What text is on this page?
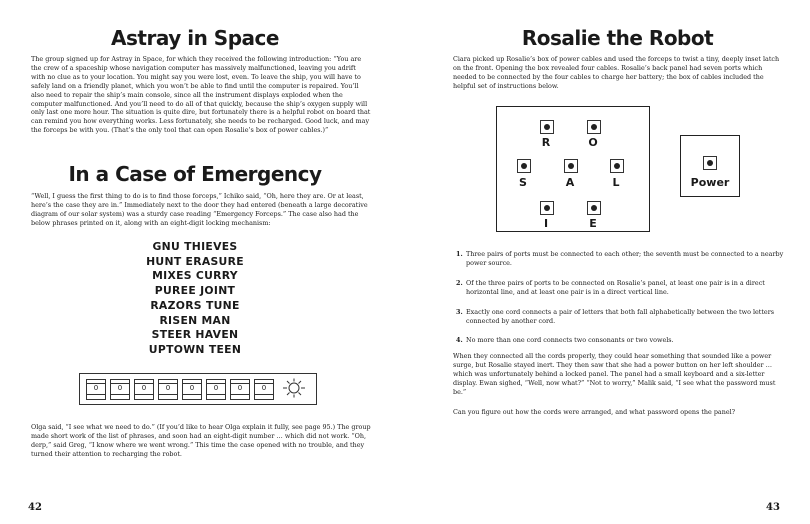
Astray in Space

The group signed up for Astray in Space, for which they received the following introduction: “You are the crew of a spaceship whose navigation computer has massively malfunctioned, leaving you adrift with no clue as to your location. You might say you were lost, even. To leave the ship, you will have to safely land on a friendly planet, which you won’t be able to find until the computer is repaired. You’ll also need to repair the ship’s main console, since all the instrument displays exploded when the computer malfunctioned. And you’ll need to do all of that quickly, because the ship’s oxygen supply will only last one more hour. The situation is quite dire, but fortunately there is a helpful robot on board that can remind you how everything works. Less fortunately, she needs to be recharged. Good luck, and may the forceps be with you. (That’s the only tool that can open Rosalie’s box of power cables.)”

In a Case of Emergency

“Well, I guess the first thing to do is to find those forceps,” Ichiko said, “Oh, here they are. Or at least, here’s the case they are in.” Immediately next to the door they had entered (beneath a large decorative diagram of our solar system) was a sturdy case reading “Emergency Forceps.” The case also had the below phrases printed on it, along with an eight-digit locking mechanism:

GNU THIEVES
HUNT ERASURE
MIXES CURRY
PUREE JOINT
RAZORS TUNE
RISEN MAN
STEER HAVEN
UPTOWN TEEN
0	0	0	0	0	0	0	0

Olga said, “I see what we need to do.” (If you’d like to hear Olga explain it fully, see page 95.) The group made short work of the list of phrases, and soon had an eight-digit number … which did not work. “Oh, derp,” said Greg, “I know where we went wrong.” This time the case opened with no trouble, and they turned their attention to recharging the robot.

42
Rosalie the Robot

Ciara picked up Rosalie’s box of power cables and used the forceps to twist a tiny, deeply inset latch on the front. Opening the box revealed four cables. Rosalie’s back panel had seven ports which needed to be connected by the four cables to charge her battery; the box of cables included the helpful set of instructions below.

R	O
S	A	L
I	E
Power
1. Three pairs of ports must be connected to each other; the seventh must be connected to a nearby power source.
2. Of the three pairs of ports to be connected on Rosalie’s panel, at least one pair is in a direct horizontal line, and at least one pair is in a direct vertical line.
3. Exactly one cord connects a pair of letters that both fall alphabetically between the two letters connected by another cord.
4. No more than one cord connects two consonants or two vowels.

When they connected all the cords properly, they could hear something that sounded like a power surge, but Rosalie stayed inert. They then saw that she had a power button on her left shoulder … which was unfortunately behind a locked panel. The panel had a small keyboard and a six-letter display. Ewan sighed, “Well, now what?” “Not to worry,” Malik said, “I see what the password must be.”

Can you figure out how the cords were arranged, and what password opens the panel?

43
